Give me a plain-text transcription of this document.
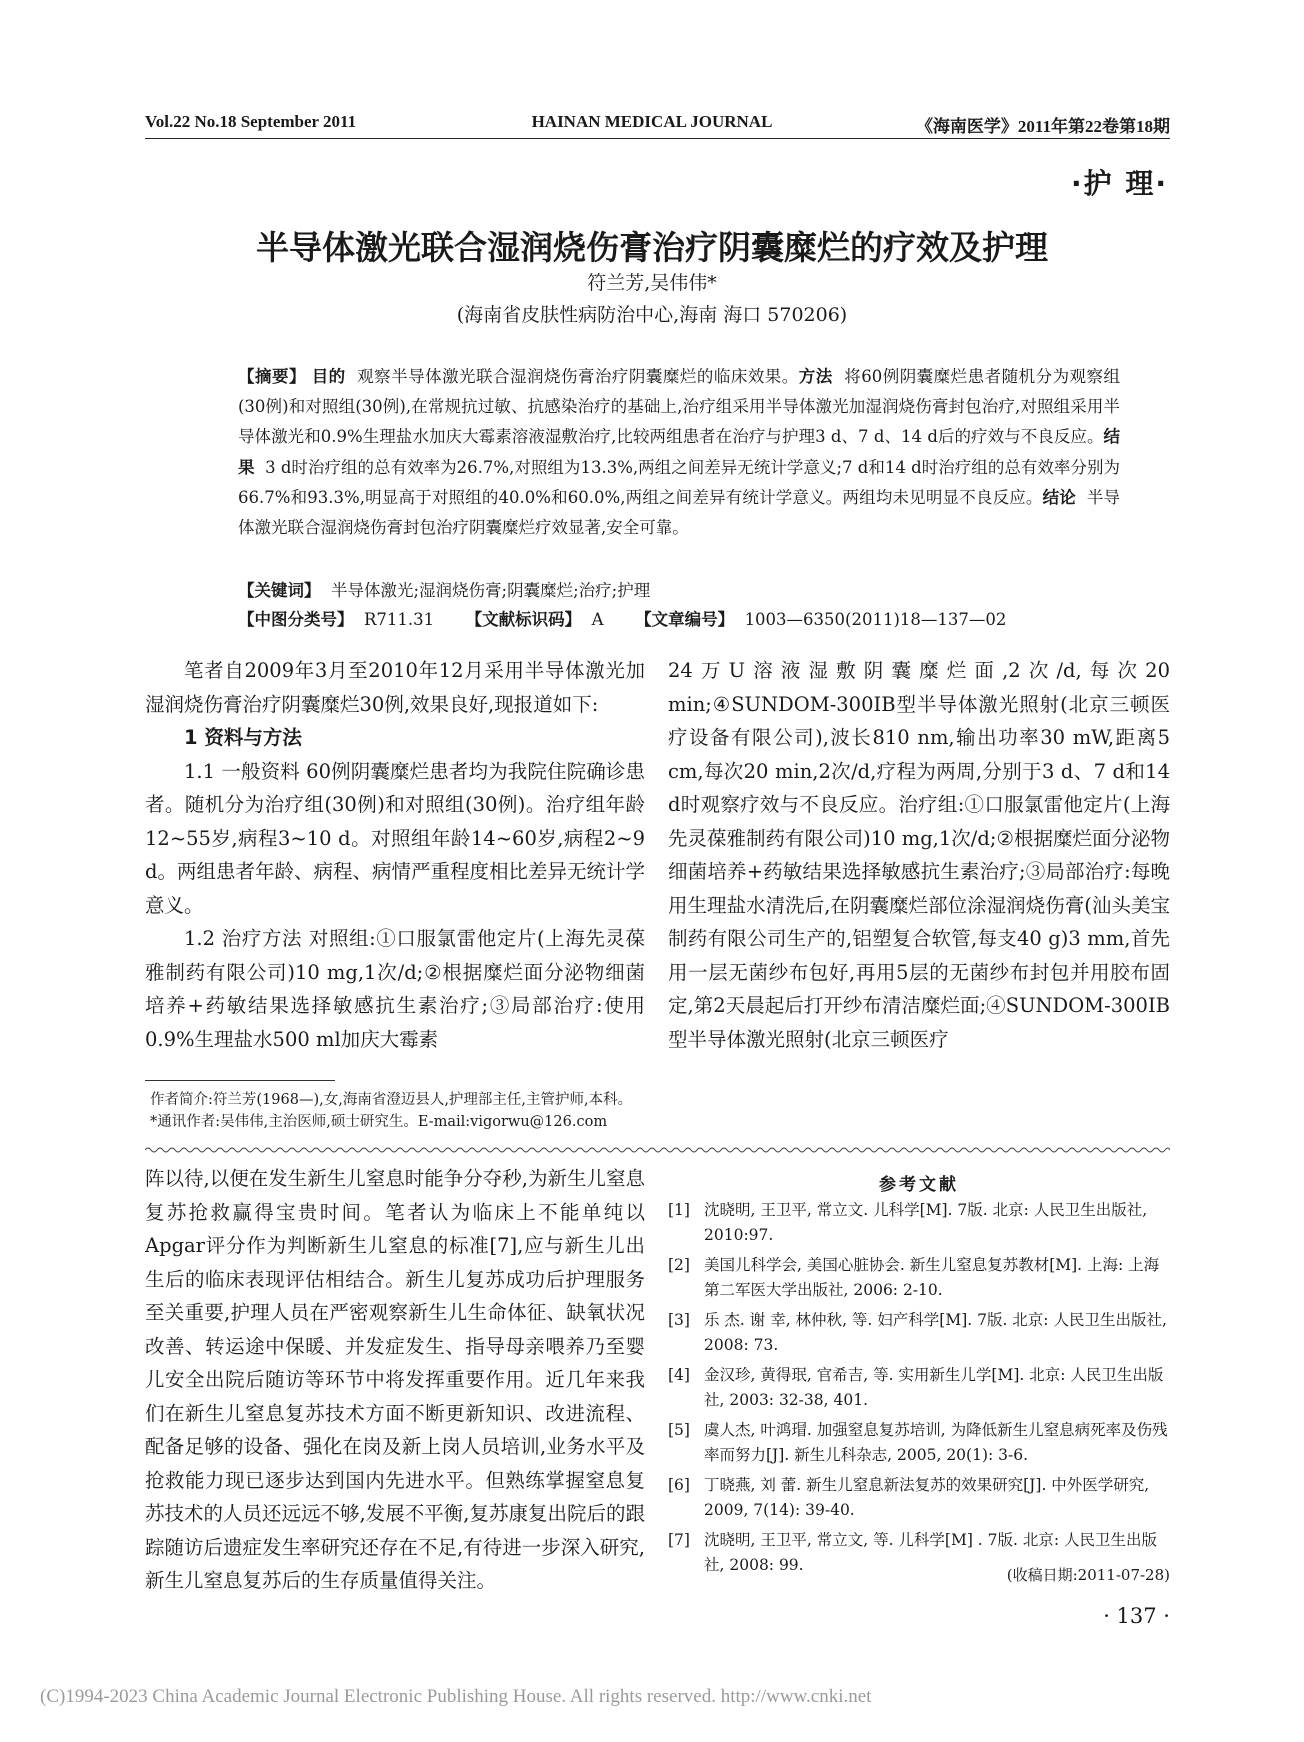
Vol.22 No.18 September 2011	HAINAN MEDICAL JOURNAL	《海南医学》2011年第22卷第18期
·护 理·
半导体激光联合湿润烧伤膏治疗阴囊糜烂的疗效及护理
符兰芳,吴伟伟*
(海南省皮肤性病防治中心,海南 海口 570206)
【摘要】 目的 观察半导体激光联合湿润烧伤膏治疗阴囊糜烂的临床效果。方法 将60例阴囊糜烂患者随机分为观察组(30例)和对照组(30例),在常规抗过敏、抗感染治疗的基础上,治疗组采用半导体激光加湿润烧伤膏封包治疗,对照组采用半导体激光和0.9%生理盐水加庆大霉素溶液湿敷治疗,比较两组患者在治疗与护理3 d、7 d、14 d后的疗效与不良反应。结果 3 d时治疗组的总有效率为26.7%,对照组为13.3%,两组之间差异无统计学意义;7 d和14 d时治疗组的总有效率分别为66.7%和93.3%,明显高于对照组的40.0%和60.0%,两组之间差异有统计学意义。两组均未见明显不良反应。结论 半导体激光联合湿润烧伤膏封包治疗阴囊糜烂疗效显著,安全可靠。
【关键词】 半导体激光;湿润烧伤膏;阴囊糜烂;治疗;护理
【中图分类号】 R711.31 【文献标识码】 A 【文章编号】 1003—6350(2011)18—137—02

笔者自2009年3月至2010年12月采用半导体激光加湿润烧伤膏治疗阴囊糜烂30例,效果良好,现报道如下:

1 资料与方法

1.1 一般资料 60例阴囊糜烂患者均为我院住院确诊患者。随机分为治疗组(30例)和对照组(30例)。治疗组年龄12~55岁,病程3~10 d。对照组年龄14~60岁,病程2~9 d。两组患者年龄、病程、病情严重程度相比差异无统计学意义。

1.2 治疗方法 对照组:①口服氯雷他定片(上海先灵葆雅制药有限公司)10 mg,1次/d;②根据糜烂面分泌物细菌培养+药敏结果选择敏感抗生素治疗;③局部治疗:使用0.9%生理盐水500 ml加庆大霉素

24万U溶液湿敷阴囊糜烂面,2次/d,每次20 min;④SUNDOM-300IB型半导体激光照射(北京三顿医疗设备有限公司),波长810 nm,输出功率30 mW,距离5 cm,每次20 min,2次/d,疗程为两周,分别于3 d、7 d和14 d时观察疗效与不良反应。治疗组:①口服氯雷他定片(上海先灵葆雅制药有限公司)10 mg,1次/d;②根据糜烂面分泌物细菌培养+药敏结果选择敏感抗生素治疗;③局部治疗:每晚用生理盐水清洗后,在阴囊糜烂部位涂湿润烧伤膏(汕头美宝制药有限公司生产的,铝塑复合软管,每支40 g)3 mm,首先用一层无菌纱布包好,再用5层的无菌纱布封包并用胶布固定,第2天晨起后打开纱布清洁糜烂面;④SUNDOM-300IB型半导体激光照射(北京三顿医疗

作者简介:符兰芳(1968—),女,海南省澄迈县人,护理部主任,主管护师,本科。
*通讯作者:吴伟伟,主治医师,硕士研究生。E-mail:vigorwu@126.com

阵以待,以便在发生新生儿窒息时能争分夺秒,为新生儿窒息复苏抢救赢得宝贵时间。笔者认为临床上不能单纯以Apgar评分作为判断新生儿窒息的标准[7],应与新生儿出生后的临床表现评估相结合。新生儿复苏成功后护理服务至关重要,护理人员在严密观察新生儿生命体征、缺氧状况改善、转运途中保暖、并发症发生、指导母亲喂养乃至婴儿安全出院后随访等环节中将发挥重要作用。近几年来我们在新生儿窒息复苏技术方面不断更新知识、改进流程、配备足够的设备、强化在岗及新上岗人员培训,业务水平及抢救能力现已逐步达到国内先进水平。但熟练掌握窒息复苏技术的人员还远远不够,发展不平衡,复苏康复出院后的跟踪随访后遗症发生率研究还存在不足,有待进一步深入研究,新生儿窒息复苏后的生存质量值得关注。

参考文献
[1] 沈晓明, 王卫平, 常立文. 儿科学[M]. 7版. 北京: 人民卫生出版社, 2010:97.
[2] 美国儿科学会, 美国心脏协会. 新生儿窒息复苏教材[M]. 上海: 上海第二军医大学出版社, 2006: 2-10.
[3] 乐 杰. 谢 幸, 林仲秋, 等. 妇产科学[M]. 7版. 北京: 人民卫生出版社, 2008: 73.
[4] 金汉珍, 黄得珉, 官希吉, 等. 实用新生儿学[M]. 北京: 人民卫生出版社, 2003: 32-38, 401.
[5] 虞人杰, 叶鸿瑁. 加强窒息复苏培训, 为降低新生儿窒息病死率及伤残率而努力[J]. 新生儿科杂志, 2005, 20(1): 3-6.
[6] 丁晓燕, 刘 蕾. 新生儿窒息新法复苏的效果研究[J]. 中外医学研究, 2009, 7(14): 39-40.
[7] 沈晓明, 王卫平, 常立文, 等. 儿科学[M] . 7版. 北京: 人民卫生出版社, 2008: 99.
(收稿日期:2011-07-28)
· 137 ·
(C)1994-2023 China Academic Journal Electronic Publishing House. All rights reserved. http://www.cnki.net
